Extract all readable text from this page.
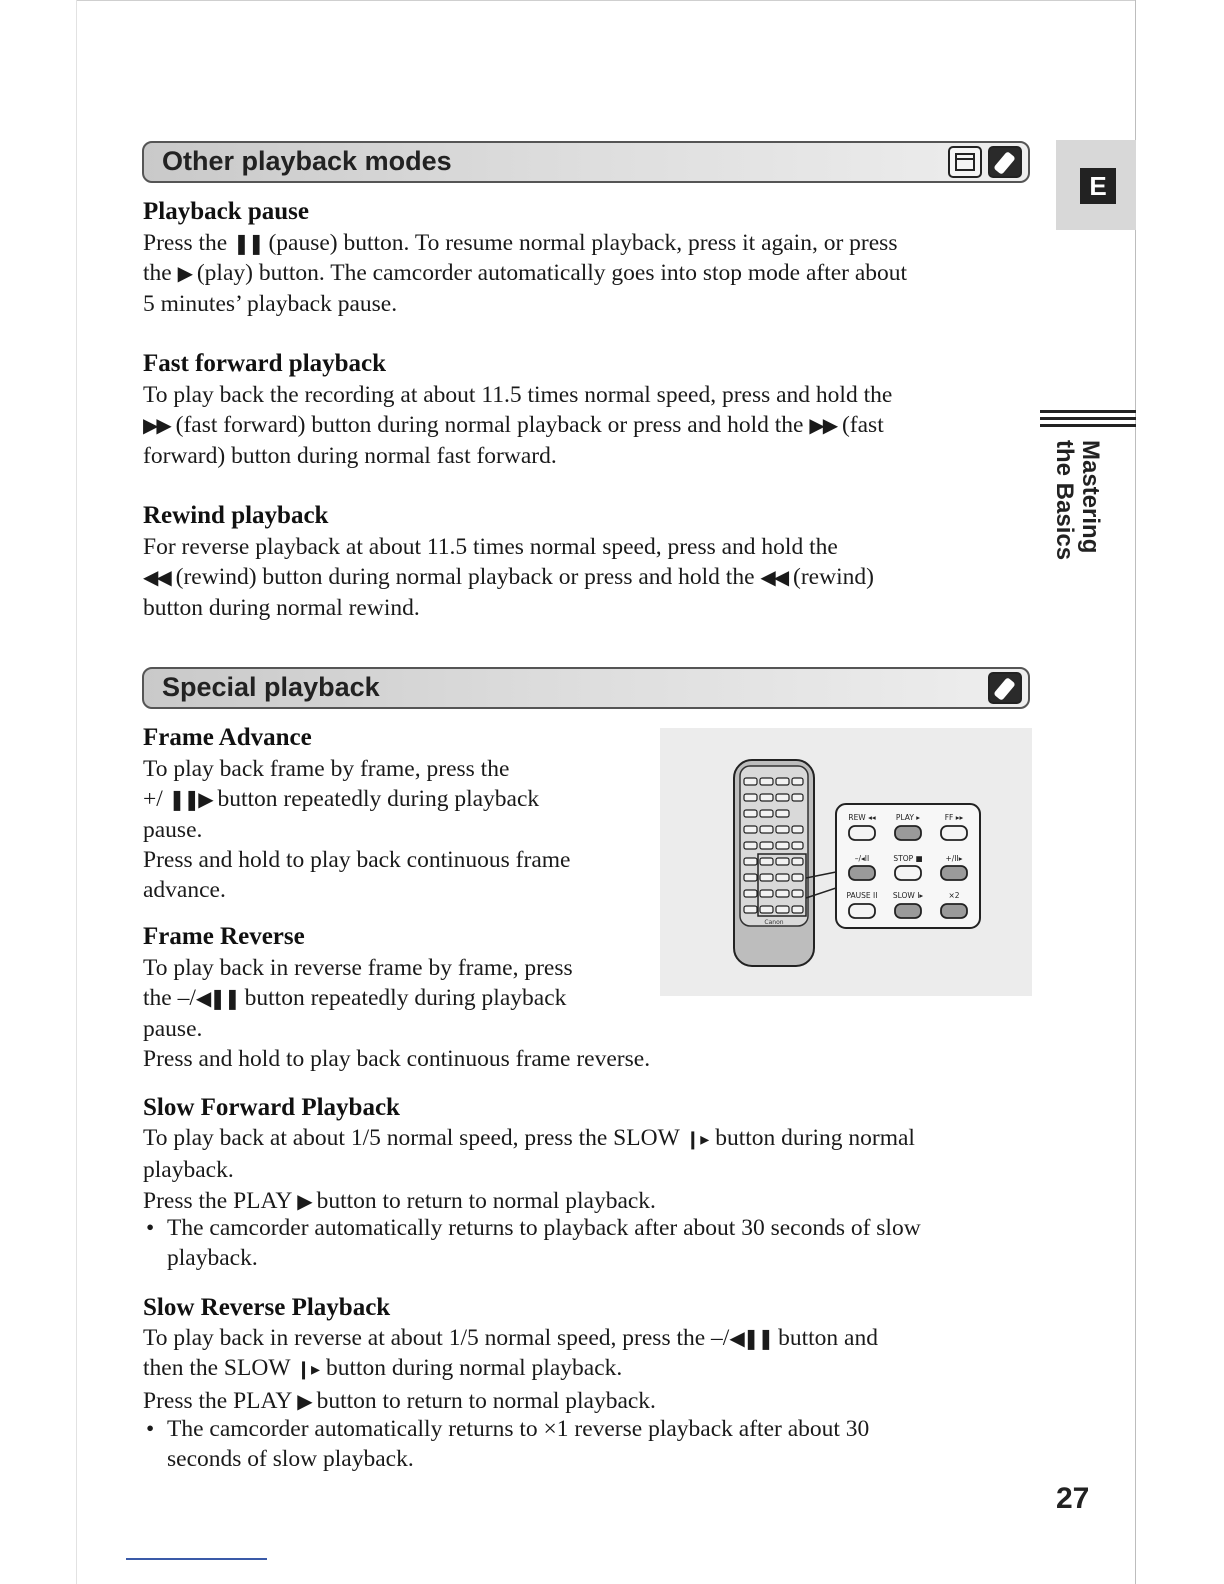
Other playback modes
Playback pause

Press the ❚❚ (pause) button. To resume normal playback, press it again, or press
the ▶ (play) button. The camcorder automatically goes into stop mode after about
5 minutes’ playback pause.

Fast forward playback

To play back the recording at about 11.5 times normal speed, press and hold the
▶▶ (fast forward) button during normal playback or press and hold the ▶▶ (fast
forward) button during normal fast forward.

Rewind playback

For reverse playback at about 11.5 times normal speed, press and hold the
◀◀ (rewind) button during normal playback or press and hold the ◀◀ (rewind)
button during normal rewind.

Special playback
Frame Advance

To play back frame by frame, press the
+/ ❚❚▶ button repeatedly during playback
pause.
Press and hold to play back continuous frame
advance.

Frame Reverse

To play back in reverse frame by frame, press
the –/◀❚❚ button repeatedly during playback
pause.
Press and hold to play back continuous frame reverse.

Canon
REW ◂◂	PLAY ▸	FF ▸▸
–/◂II	STOP ■	+/II▸
PAUSE II SLOW I▸	×2
Slow Forward Playback

To play back at about 1/5 normal speed, press the SLOW ❙▸ button during normal
playback.
Press the PLAY ▶ button to return to normal playback.

• The camcorder automatically returns to playback after about 30 seconds of slow
playback.

Slow Reverse Playback

To play back in reverse at about 1/5 normal speed, press the –/◀❚❚ button and
then the SLOW ❙▸ button during normal playback.
Press the PLAY ▶ button to return to normal playback.

• The camcorder automatically returns to ×1 reverse playback after about 30
seconds of slow playback.

E
Mastering
the Basics
27
